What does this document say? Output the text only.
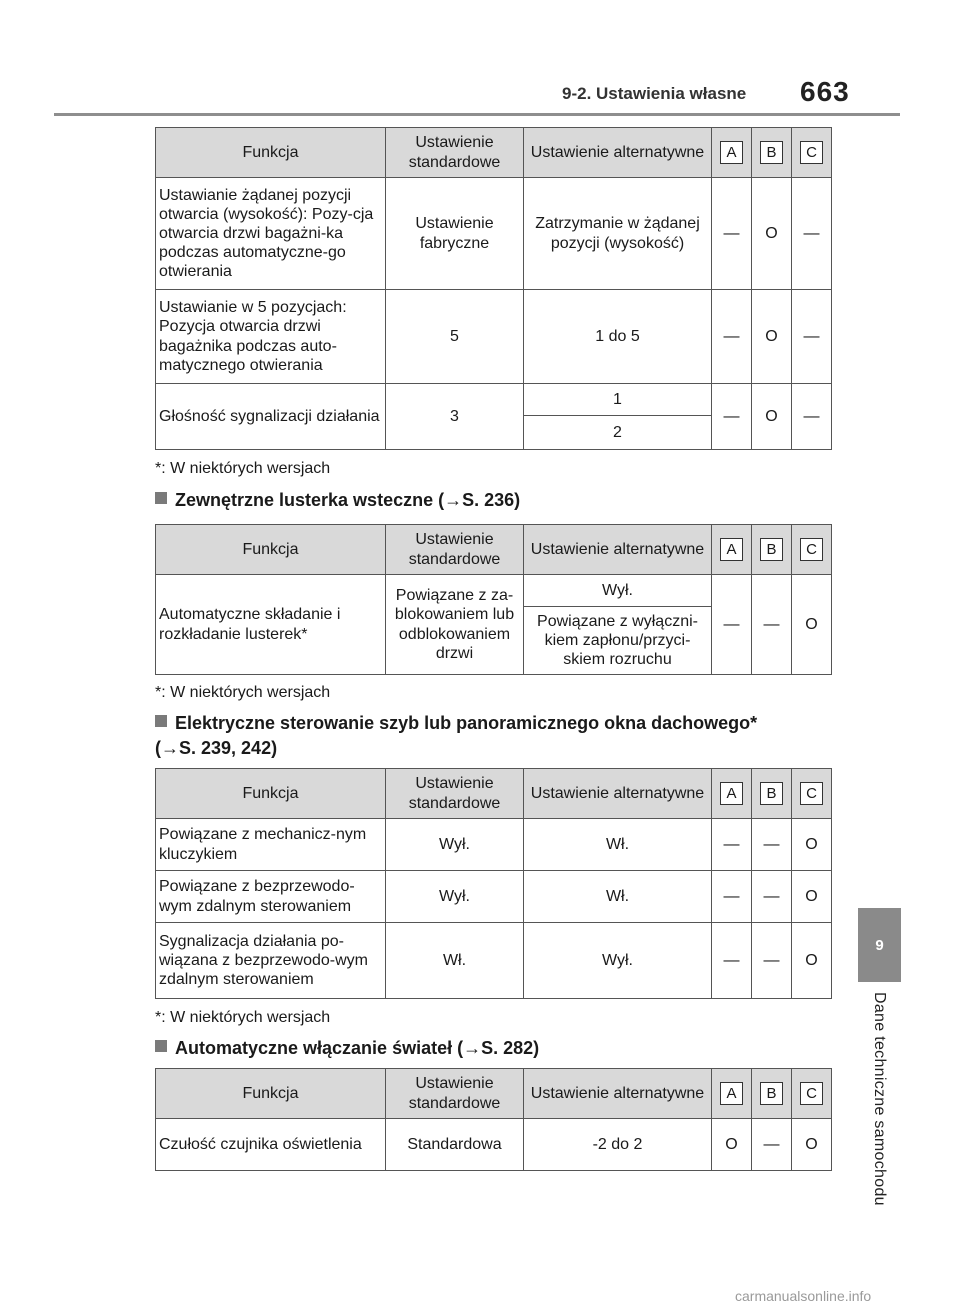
9-2. Ustawienia własne 663
9
Dane techniczne samochodu
Funkcja	Ustawienie standardowe	Ustawienie alternatywne	A	B	C
Ustawianie żądanej pozycji otwarcia (wysokość): Pozy-cja otwarcia drzwi bagażni-ka podczas automatyczne-go otwierania	Ustawienie fabryczne	Zatrzymanie w żądanej pozycji (wysokość)	—	O	—
Ustawianie w 5 pozycjach: Pozycja otwarcia drzwi bagażnika podczas auto-matycznego otwierania	5	1 do 5	—	O	—
Głośność sygnalizacji działania	3	1	—	O	—
		2			
*: W niektórych wersjach
Zewnętrzne lusterka wsteczne (→S. 236)
Funkcja	Ustawienie standardowe	Ustawienie alternatywne	A	B	C
Automatyczne składanie i rozkładanie lusterek*	Powiązane z za-blokowaniem lub odblokowaniem drzwi	Wył.	—	—	O
		Powiązane z wyłączni-kiem zapłonu/przyci-skiem rozruchu			
*: W niektórych wersjach
Elektryczne sterowanie szyb lub panoramicznego okna dachowego*
(→S. 239, 242)
Funkcja	Ustawienie standardowe	Ustawienie alternatywne	A	B	C
Powiązane z mechanicz-nym kluczykiem	Wył.	Wł.	—	—	O
Powiązane z bezprzewodo-wym zdalnym sterowaniem	Wył.	Wł.	—	—	O
Sygnalizacja działania po-wiązana z bezprzewodo-wym zdalnym sterowaniem	Wł.	Wył.	—	—	O
*: W niektórych wersjach
Automatyczne włączanie świateł (→S. 282)
Funkcja	Ustawienie standardowe	Ustawienie alternatywne	A	B	C
Czułość czujnika oświetlenia	Standardowa	-2 do 2	O	—	O
carmanualsonline.info
